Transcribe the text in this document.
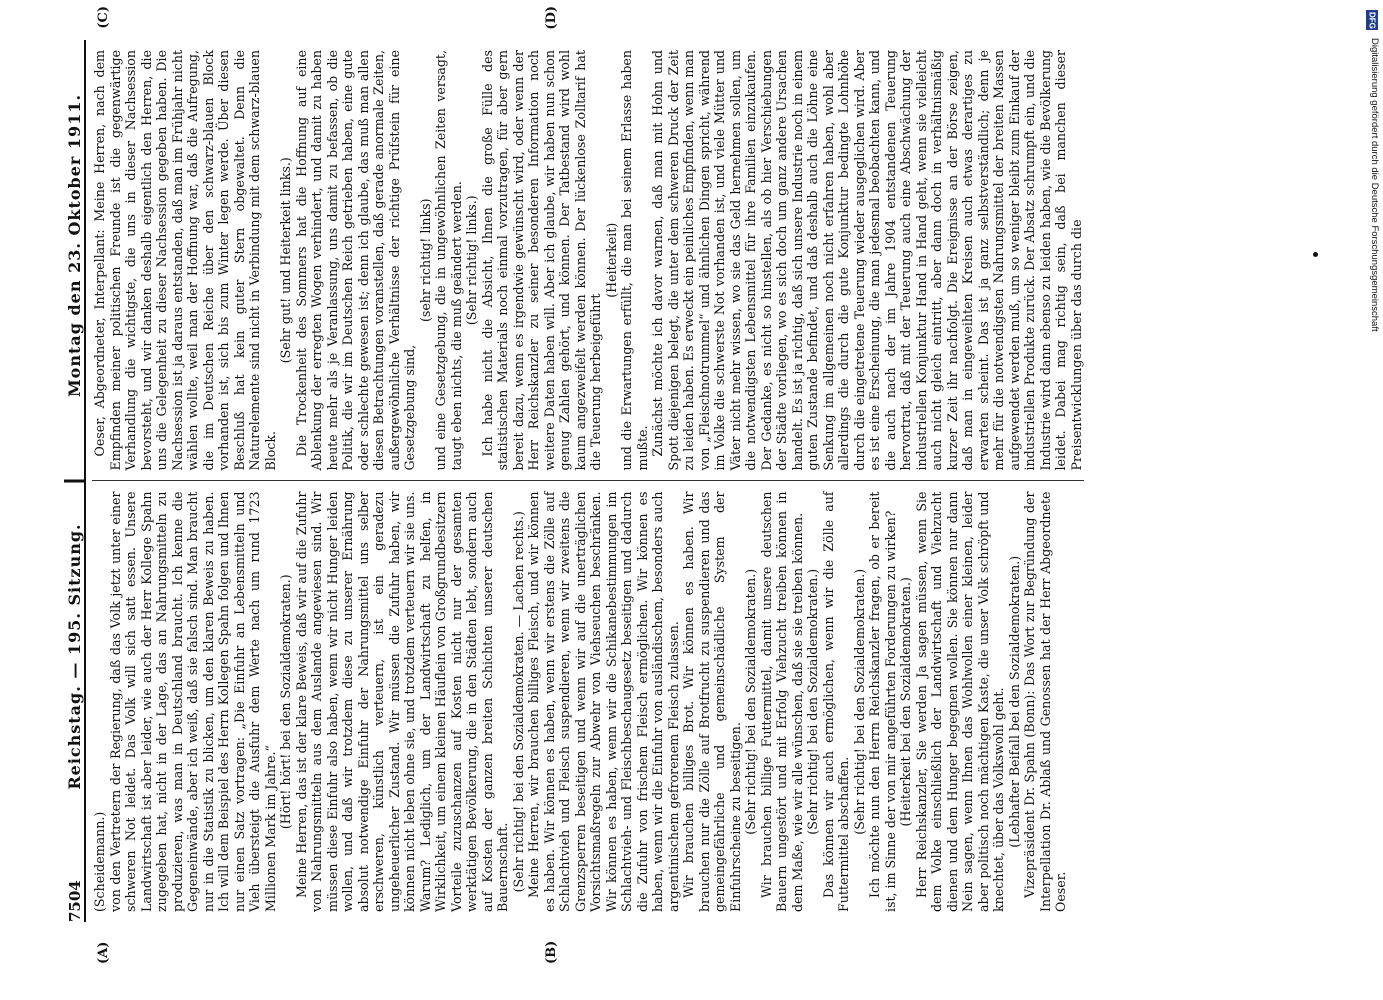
7504
Reichstag. — 195. Sitzung.
Montag den 23. Oktober 1911.
(A)	(B)
(C)	(D)

(Scheidemann.) von den Vertretern der Regierung, daß das Volk jetzt unter einer schweren Not leidet. Das Volk will sich satt essen. Unsere Landwirtschaft ist aber leider, wie auch der Herr Kollege Spahn zugegeben hat, nicht in der Lage, das an Nahrungsmitteln zu produzieren, was man in Deutschland braucht. Ich kenne die Gegeneinwände, aber ich weiß, daß sie falsch sind. Man braucht nur in die Statistik zu blicken, um den klaren Beweis zu haben. Ich will dem Beispiel des Herrn Kollegen Spahn folgen und Ihnen nur einen Satz vortragen: „Die Einfuhr an Lebensmitteln und Vieh übersteigt die Ausfuhr dem Werte nach um rund 1723 Millionen Mark im Jahre.“ (Hört! hört! bei den Sozialdemokraten.) Meine Herren, das ist der klare Beweis, daß wir auf die Zufuhr von Nahrungsmitteln aus dem Auslande angewiesen sind. Wir müssen diese Einfuhr also haben, wenn wir nicht Hunger leiden wollen, und daß wir trotzdem diese zu unserer Ernährung absolut notwendige Einfuhr der Nahrungsmittel uns selber erschweren, künstlich verteuern, ist ein geradezu ungeheuerlicher Zustand. Wir müssen die Zufuhr haben, wir können nicht leben ohne sie, und trotzdem verteuern wir sie uns. Warum? Lediglich, um der Landwirtschaft zu helfen, in Wirklichkeit, um einem kleinen Häuflein von Großgrundbesitzern Vorteile zuzuschanzen auf Kosten nicht nur der gesamten werktätigen Bevölkerung, die in den Städten lebt, sondern auch auf Kosten der ganzen breiten Schichten unserer deutschen Bauernschaft. (Sehr richtig! bei den Sozialdemokraten. — Lachen rechts.) Meine Herren, wir brauchen billiges Fleisch, und wir können es haben. Wir können es haben, wenn wir erstens die Zölle auf Schlachtvieh und Fleisch suspendieren, wenn wir zweitens die Grenzsperren beseitigen und wenn wir auf die unerträglichen Vorsichtsmaßregeln zur Abwehr von Viehseuchen beschränken. Wir können es haben, wenn wir die Schikanebestimmungen im Schlachtvieh- und Fleischbeschaugesetz beseitigen und dadurch die Zufuhr von frischem Fleisch ermöglichen. Wir können es haben, wenn wir die Einfuhr von ausländischem, besonders auch argentinischem gefrorenem Fleisch zulassen. Wir brauchen billiges Brot. Wir können es haben. Wir brauchen nur die Zölle auf Brotfrucht zu suspendieren und das gemeingefährliche und gemeinschädliche System der Einfuhrscheine zu beseitigen. (Sehr richtig! bei den Sozialdemokraten.) Wir brauchen billige Futtermittel, damit unsere deutschen Bauern ungestört und mit Erfolg Viehzucht treiben können in dem Maße, wie wir alle wünschen, daß sie sie treiben können. (Sehr richtig! bei den Sozialdemokraten.) Das können wir auch ermöglichen, wenn wir die Zölle auf Futtermittel abschaffen. (Sehr richtig! bei den Sozialdemokraten.) Ich möchte nun den Herrn Reichskanzler fragen, ob er bereit ist, im Sinne der von mir angeführten Forderungen zu wirken? (Heiterkeit bei den Sozialdemokraten.) Herr Reichskanzler, Sie werden Ja sagen müssen, wenn Sie dem Volke einschließlich der Landwirtschaft und Viehzucht dienen und dem Hunger begegnen wollen. Sie können nur dann Nein sagen, wenn Ihnen das Wohlwollen einer kleinen, leider aber politisch noch mächtigen Kaste, die unser Volk schröpft und knechtet, über das Volkswohl geht. (Lebhafter Beifall bei den Sozialdemokraten.) Vizepräsident Dr. Spahn (Bonn): Das Wort zur Begründung der Interpellation Dr. Ablaß und Genossen hat der Herr Abgeordnete Oeser.

Oeser, Abgeordneter, Interpellant: Meine Herren, nach dem Empfinden meiner politischen Freunde ist die gegenwärtige Verhandlung die wichtigste, die uns in dieser Nachsession bevorsteht, und wir danken deshalb eigentlich den Herren, die uns die Gelegenheit zu dieser Nachsession gegeben haben. Die Nachsession ist ja daraus entstanden, daß man im Frühjahr nicht wählen wollte, weil man der Hoffnung war, daß die Aufregung, die im Deutschen Reiche über den schwarz-blauen Block vorhanden ist, sich bis zum Winter legen werde. Über diesen Beschluß hat kein guter Stern obgewaltet. Denn die Naturelemente sind nicht in Verbindung mit dem schwarz-blauen Block.

(Sehr gut! und Heiterkeit links.) Die Trockenheit des Sommers hat die Hoffnung auf eine Ablenkung der erregten Wogen verhindert, und damit zu haben heute mehr als je Veranlassung, uns damit zu befassen, ob die Politik, die wir im Deutschen Reich getrieben haben, eine gute oder schlechte gewesen ist; denn ich glaube, das muß man allen diesen Betrachtungen voranstellen, daß gerade anormale Zeiten, außergewöhnliche Verhältnisse der richtige Prüfstein für eine Gesetzgebung sind,

(sehr richtig! links) und eine Gesetzgebung, die in ungewöhnlichen Zeiten versagt, taugt eben nichts, die muß geändert werden. (Sehr richtig! links.) Ich habe nicht die Absicht, Ihnen die große Fülle des statistischen Materials noch einmal vorzutragen, für aber gern bereit dazu, wenn es irgendwie gewünscht wird, oder wenn der Herr Reichskanzler zu seiner besonderen Information noch weitere Daten haben will. Aber ich glaube, wir haben nun schon genug Zahlen gehört, und können. Der Tatbestand wird wohl kaum angezweifelt werden können. Der lückenlose Zolltarif hat die Teuerung herbeigeführt

(Heiterkeit) und die Erwartungen erfüllt, die man bei seinem Erlasse haben mußte. Zunächst möchte ich davor warnen, daß man mit Hohn und Spott diejenigen belegt, die unter dem schweren Druck der Zeit zu leiden haben. Es erweckt ein peinliches Empfinden, wenn man von „Fleischnotrummel“ und ähnlichen Dingen spricht, während im Volke die schwerste Not vorhanden ist, und viele Mütter und Väter nicht mehr wissen, wo sie das Geld hernehmen sollen, um die notwendigsten Lebensmittel für ihre Familien einzukaufen. Der Gedanke, es nicht so hinstellen, als ob hier Verschiebungen der Städte vorliegen, wo es sich doch um ganz andere Ursachen handelt. Es ist ja richtig, daß sich unsere Industrie noch in einem guten Zustande befindet, und daß deshalb auch die Löhne eine Senkung im allgemeinen noch nicht erfahren haben, wohl aber allerdings die durch die gute Konjunktur bedingte Lohnhöhe durch die eingetretene Teuerung wieder ausgeglichen wird. Aber es ist eine Erscheinung, die man jedesmal beobachten kann, und die auch nach der im Jahre 1904 entstandenen Teuerung hervortrat, daß mit der Teuerung auch eine Abschwächung der industriellen Konjunktur Hand in Hand geht, wenn sie vielleicht auch nicht gleich eintritt, aber dann doch in verhältnismäßig kurzer Zeit ihr nachfolgt. Die Ereignisse an der Börse zeigen, daß man in eingeweihten Kreisen auch etwas derartiges zu erwarten scheint. Das ist ja ganz selbstverständlich; denn je mehr für die notwendigsten Nahrungsmittel der breiten Massen aufgewendet werden muß, um so weniger bleibt zum Einkauf der industriellen Produkte zurück. Der Absatz schrumpft ein, und die Industrie wird dann ebenso zu leiden haben, wie die Bevölkerung leidet. Dabei mag richtig sein, daß bei manchen dieser Preisentwicklungen über das durch die

DFG
Digitalisierung gefördert durch die Deutsche Forschungsgemeinschaft
